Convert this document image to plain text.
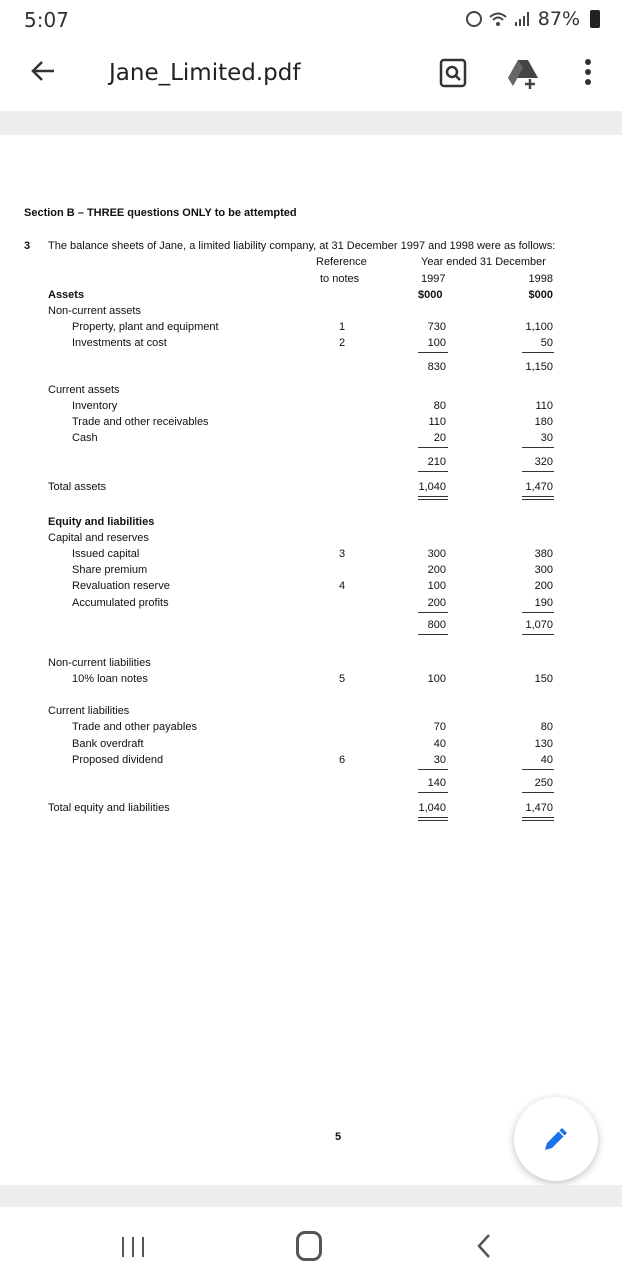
5:07	87%
Jane_Limited.pdf
Section B – THREE questions ONLY to be attempted
3 The balance sheets of Jane, a limited liability company, at 31 December 1997 and 1998 were as follows:
Reference
to notes
Year ended 31 December
1997	1998
Assets	$000	$000
Non-current assets
Property, plant and equipment	1	730	1,100
Investments at cost	2	100	50
830	1,150
Current assets
Inventory	80	110
Trade and other receivables	110	180
Cash	20	30
210	320
Total assets	1,040	1,470
Equity and liabilities
Capital and reserves
Issued capital	3	300	380
Share premium	200	300
Revaluation reserve	4	100	200
Accumulated profits	200	190
800	1,070
Non-current liabilities
10% loan notes	5	100	150
Current liabilities
Trade and other payables	70	80
Bank overdraft	40	130
Proposed dividend	6	30	40
140	250
Total equity and liabilities	1,040	1,470
5
